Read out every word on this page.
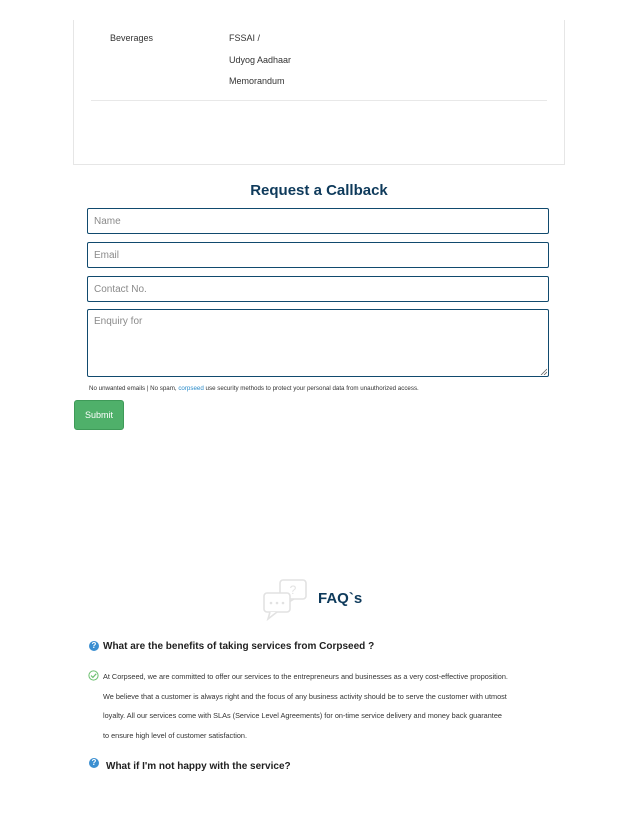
Beverages	FSSAI /
Udyog Aadhaar
Memorandum
Request a Callback
Name
Email
Contact No.
Enquiry for
No unwanted emails | No spam, corpseed use security methods to protect your personal data from unauthorized access.
Submit
? FAQ`s
? What are the benefits of taking services from Corpseed ?

At Corpseed, we are committed to offer our services to the entrepreneurs and businesses as a very cost-effective proposition.

We believe that a customer is always right and the focus of any business activity should be to serve the customer with utmost

loyalty. All our services come with SLAs (Service Level Agreements) for on-time service delivery and money back guarantee

to ensure high level of customer satisfaction.

? What if I'm not happy with the service?
